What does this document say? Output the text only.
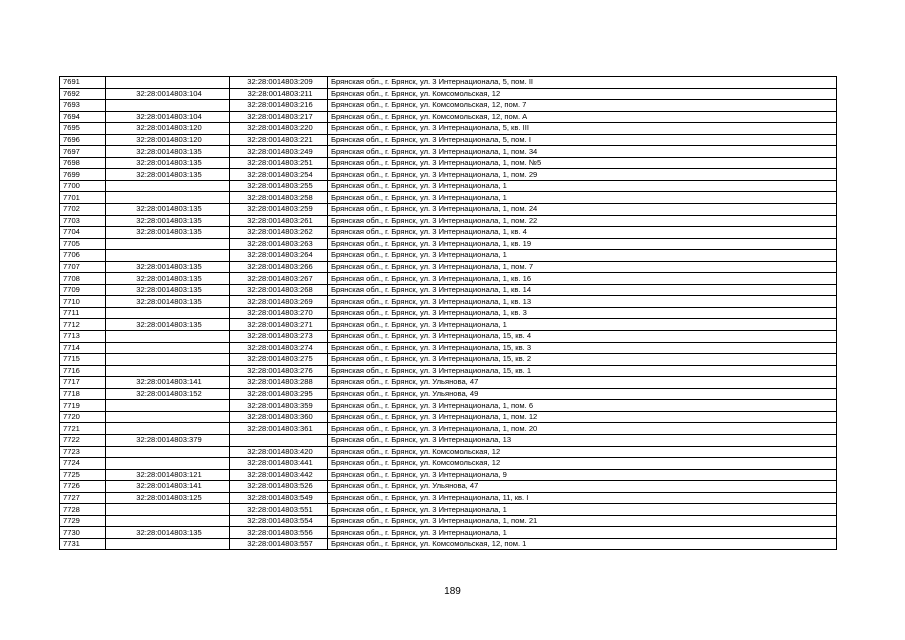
7691		32:28:0014803:209	Брянская обл., г. Брянск, ул. 3 Интернационала, 5, пом. II
7692	32:28:0014803:104	32:28:0014803:211	Брянская обл., г. Брянск, ул. Комсомольская, 12
7693		32:28:0014803:216	Брянская обл., г. Брянск, ул. Комсомольская, 12, пом. 7
7694	32:28:0014803:104	32:28:0014803:217	Брянская обл., г. Брянск, ул. Комсомольская, 12, пом. А
7695	32:28:0014803:120	32:28:0014803:220	Брянская обл., г. Брянск, ул. 3 Интернационала, 5, кв. III
7696	32:28:0014803:120	32:28:0014803:221	Брянская обл., г. Брянск, ул. 3 Интернационала, 5, пом. I
7697	32:28:0014803:135	32:28:0014803:249	Брянская обл., г. Брянск, ул. 3 Интернационала, 1, пом. 34
7698	32:28:0014803:135	32:28:0014803:251	Брянская обл., г. Брянск, ул. 3 Интернационала, 1, пом. №5
7699	32:28:0014803:135	32:28:0014803:254	Брянская обл., г. Брянск, ул. 3 Интернационала, 1, пом. 29
7700		32:28:0014803:255	Брянская обл., г. Брянск, ул. 3 Интернационала, 1
7701		32:28:0014803:258	Брянская обл., г. Брянск, ул. 3 Интернационала, 1
7702	32:28:0014803:135	32:28:0014803:259	Брянская обл., г. Брянск, ул. 3 Интернационала, 1, пом. 24
7703	32:28:0014803:135	32:28:0014803:261	Брянская обл., г. Брянск, ул. 3 Интернационала, 1, пом. 22
7704	32:28:0014803:135	32:28:0014803:262	Брянская обл., г. Брянск, ул. 3 Интернационала, 1, кв. 4
7705		32:28:0014803:263	Брянская обл., г. Брянск, ул. 3 Интернационала, 1, кв. 19
7706		32:28:0014803:264	Брянская обл., г. Брянск, ул. 3 Интернационала, 1
7707	32:28:0014803:135	32:28:0014803:266	Брянская обл., г. Брянск, ул. 3 Интернационала, 1, пом. 7
7708	32:28:0014803:135	32:28:0014803:267	Брянская обл., г. Брянск, ул. 3 Интернационала, 1, кв. 16
7709	32:28:0014803:135	32:28:0014803:268	Брянская обл., г. Брянск, ул. 3 Интернационала, 1, кв. 14
7710	32:28:0014803:135	32:28:0014803:269	Брянская обл., г. Брянск, ул. 3 Интернационала, 1, кв. 13
7711		32:28:0014803:270	Брянская обл., г. Брянск, ул. 3 Интернационала, 1, кв. 3
7712	32:28:0014803:135	32:28:0014803:271	Брянская обл., г. Брянск, ул. 3 Интернационала, 1
7713		32:28:0014803:273	Брянская обл., г. Брянск, ул. 3 Интернационала, 15, кв. 4
7714		32:28:0014803:274	Брянская обл., г. Брянск, ул. 3 Интернационала, 15, кв. 3
7715		32:28:0014803:275	Брянская обл., г. Брянск, ул. 3 Интернационала, 15, кв. 2
7716		32:28:0014803:276	Брянская обл., г. Брянск, ул. 3 Интернационала, 15, кв. 1
7717	32:28:0014803:141	32:28:0014803:288	Брянская обл., г. Брянск, ул. Ульянова, 47
7718	32:28:0014803:152	32:28:0014803:295	Брянская обл., г. Брянск, ул. Ульянова, 49
7719		32:28:0014803:359	Брянская обл., г. Брянск, ул. 3 Интернационала, 1, пом. 6
7720		32:28:0014803:360	Брянская обл., г. Брянск, ул. 3 Интернационала, 1, пом. 12
7721		32:28:0014803:361	Брянская обл., г. Брянск, ул. 3 Интернационала, 1, пом. 20
7722	32:28:0014803:379		Брянская обл., г. Брянск, ул. 3 Интернационала, 13
7723		32:28:0014803:420	Брянская обл., г. Брянск, ул. Комсомольская, 12
7724		32:28:0014803:441	Брянская обл., г. Брянск, ул. Комсомольская, 12
7725	32:28:0014803:121	32:28:0014803:442	Брянская обл., г. Брянск, ул. 3 Интернационала, 9
7726	32:28:0014803:141	32:28:0014803:526	Брянская обл., г. Брянск, ул. Ульянова, 47
7727	32:28:0014803:125	32:28:0014803:549	Брянская обл., г. Брянск, ул. 3 Интернационала, 11, кв. I
7728		32:28:0014803:551	Брянская обл., г. Брянск, ул. 3 Интернационала, 1
7729		32:28:0014803:554	Брянская обл., г. Брянск, ул. 3 Интернационала, 1, пом. 21
7730	32:28:0014803:135	32:28:0014803:556	Брянская обл., г. Брянск, ул. 3 Интернационала, 1
7731		32:28:0014803:557	Брянская обл., г. Брянск, ул. Комсомольская, 12, пом. 1
189
